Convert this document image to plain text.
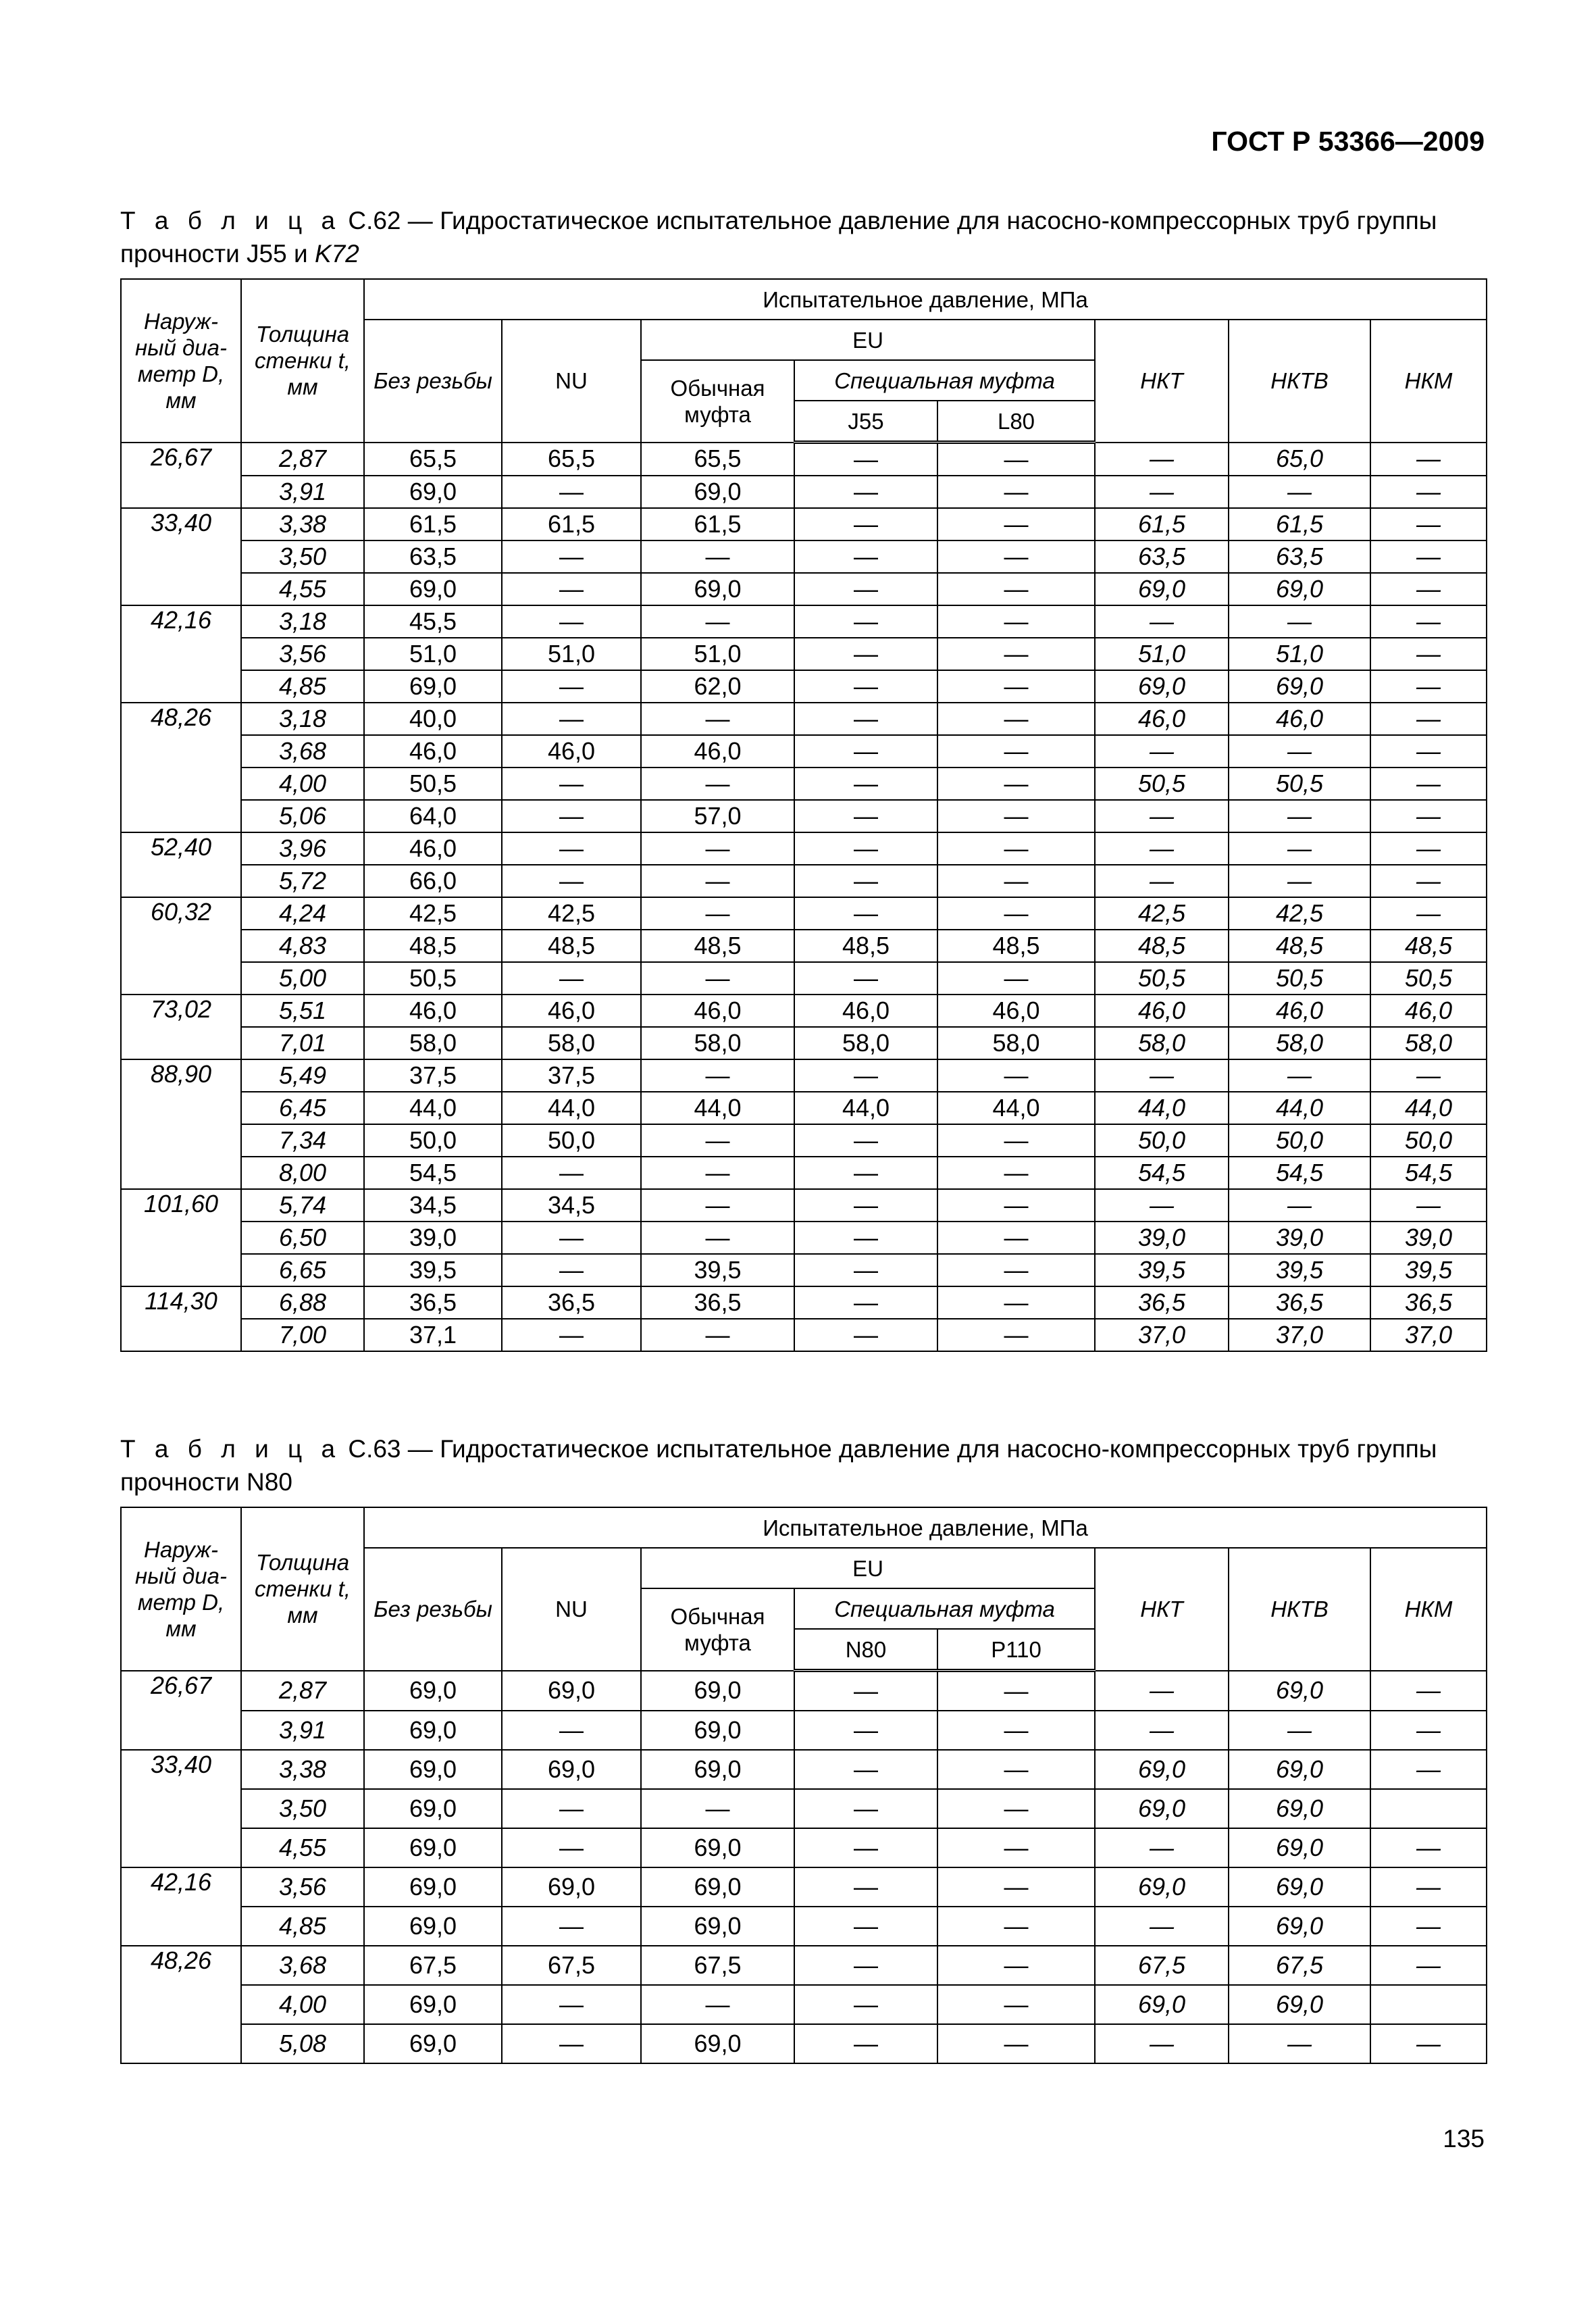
ГОСТ Р 53366—2009
Т а б л и ц а С.62 — Гидростатическое испытательное давление для насосно-компрессорных труб группы прочности J55 и K72
Наруж- ный диа- метр D, мм	Толщина стенки t, мм	Испытательное давление, МПа							
		Без резьбы	NU	EU			НКТ	НКТВ	НКМ
				Обычная муфта	Специальная муфта				
					J55	L80			
26,67	2,87	65,5	65,5	65,5	—	—	—	65,0	—
	3,91	69,0	—	69,0	—	—	—	—	—
33,40	3,38	61,5	61,5	61,5	—	—	61,5	61,5	—
	3,50	63,5	—	—	—	—	63,5	63,5	—
	4,55	69,0	—	69,0	—	—	69,0	69,0	—
42,16	3,18	45,5	—	—	—	—	—	—	—
	3,56	51,0	51,0	51,0	—	—	51,0	51,0	—
	4,85	69,0	—	62,0	—	—	69,0	69,0	—
48,26	3,18	40,0	—	—	—	—	46,0	46,0	—
	3,68	46,0	46,0	46,0	—	—	—	—	—
	4,00	50,5	—	—	—	—	50,5	50,5	—
	5,06	64,0	—	57,0	—	—	—	—	—
52,40	3,96	46,0	—	—	—	—	—	—	—
	5,72	66,0	—	—	—	—	—	—	—
60,32	4,24	42,5	42,5	—	—	—	42,5	42,5	—
	4,83	48,5	48,5	48,5	48,5	48,5	48,5	48,5	48,5
	5,00	50,5	—	—	—	—	50,5	50,5	50,5
73,02	5,51	46,0	46,0	46,0	46,0	46,0	46,0	46,0	46,0
	7,01	58,0	58,0	58,0	58,0	58,0	58,0	58,0	58,0
88,90	5,49	37,5	37,5	—	—	—	—	—	—
	6,45	44,0	44,0	44,0	44,0	44,0	44,0	44,0	44,0
	7,34	50,0	50,0	—	—	—	50,0	50,0	50,0
	8,00	54,5	—	—	—	—	54,5	54,5	54,5
101,60	5,74	34,5	34,5	—	—	—	—	—	—
	6,50	39,0	—	—	—	—	39,0	39,0	39,0
	6,65	39,5	—	39,5	—	—	39,5	39,5	39,5
114,30	6,88	36,5	36,5	36,5	—	—	36,5	36,5	36,5
	7,00	37,1	—	—	—	—	37,0	37,0	37,0
Т а б л и ц а С.63 — Гидростатическое испытательное давление для насосно-компрессорных труб группы прочности N80
Наруж- ный диа- метр D, мм	Толщина стенки t, мм	Испытательное давление, МПа							
		Без резьбы	NU	EU			НКТ	НКТВ	НКМ
				Обычная муфта	Специальная муфта				
					N80	P110			
26,67	2,87	69,0	69,0	69,0	—	—	—	69,0	—
	3,91	69,0	—	69,0	—	—	—	—	—
33,40	3,38	69,0	69,0	69,0	—	—	69,0	69,0	—
	3,50	69,0	—	—	—	—	69,0	69,0	
	4,55	69,0	—	69,0	—	—	—	69,0	—
42,16	3,56	69,0	69,0	69,0	—	—	69,0	69,0	—
	4,85	69,0	—	69,0	—	—	—	69,0	—
48,26	3,68	67,5	67,5	67,5	—	—	67,5	67,5	—
	4,00	69,0	—	—	—	—	69,0	69,0	
	5,08	69,0	—	69,0	—	—	—	—	—
135
